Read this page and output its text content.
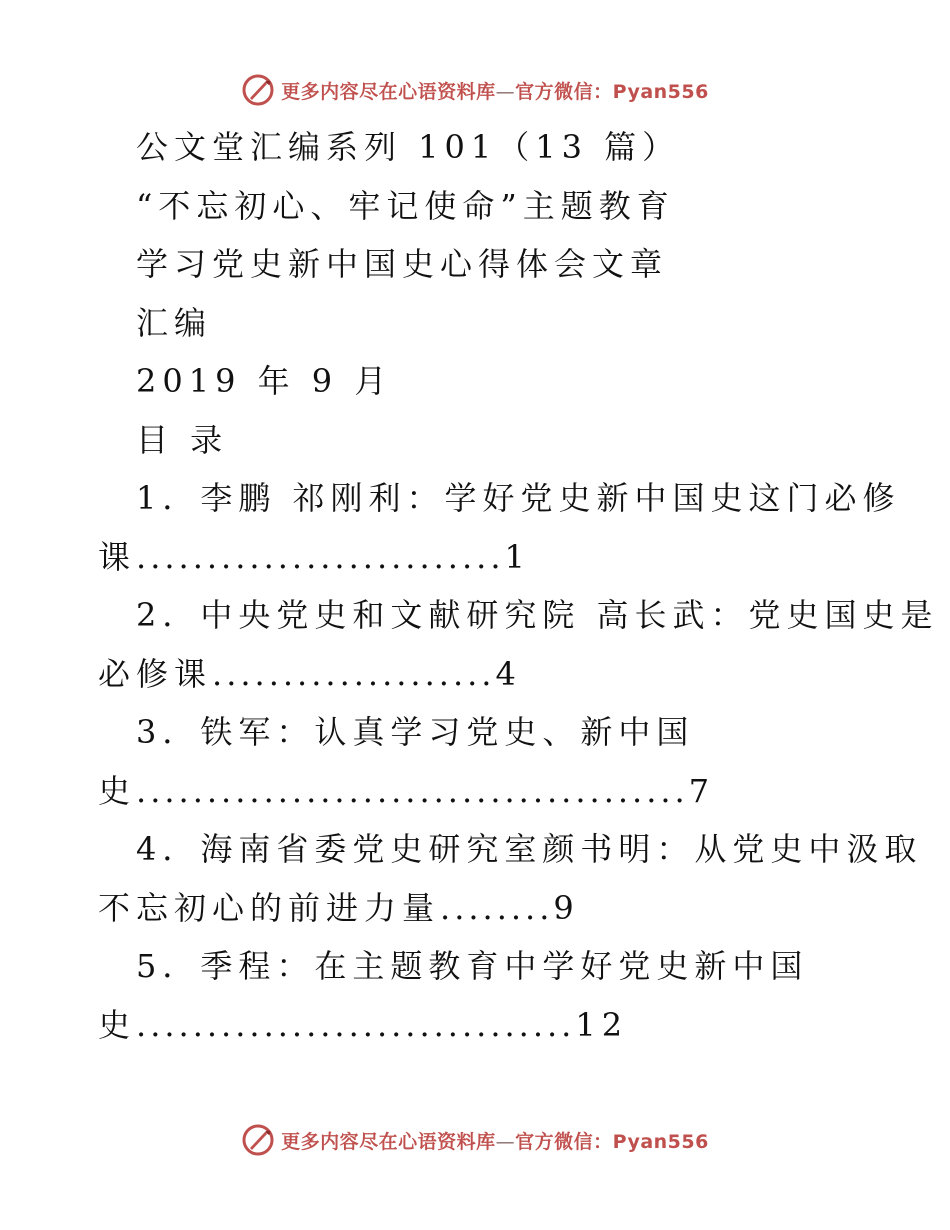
更多内容尽在心语资料库—官方微信：Pyan556
公文堂汇编系列 101（13 篇）
“不忘初心、牢记使命”主题教育
学习党史新中国史心得体会文章
汇编
2019 年 9 月
目 录
1．李鹏 祁刚利：学好党史新中国史这门必修
课..........................1
2．中央党史和文献研究院 高长武：党史国史是
必修课....................4
3．铁军：认真学习党史、新中国
史.......................................7
4．海南省委党史研究室颜书明：从党史中汲取
不忘初心的前进力量........9
5．季程：在主题教育中学好党史新中国
史...............................12
更多内容尽在心语资料库—官方微信：Pyan556
